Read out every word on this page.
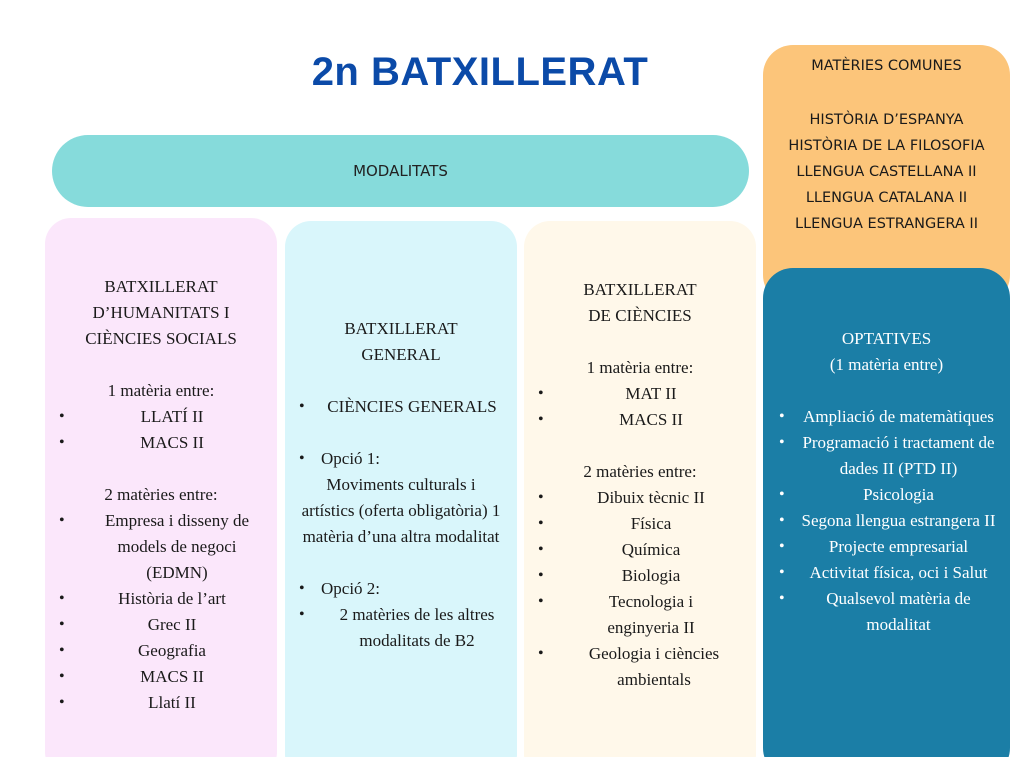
2n BATXILLERAT
MODALITATS
BATXILLERAT
D’HUMANITATS I
CIÈNCIES SOCIALS
1 matèria entre:
• LLATÍ II
• MACS II
2 matèries entre:
• Empresa i disseny de models de negoci (EDMN)
• Història de l’art
• Grec II
• Geografia
• MACS II
• Llatí II
BATXILLERAT
GENERAL
• CIÈNCIES GENERALS
• Opció 1:
Moviments culturals i artístics (oferta obligatòria) 1 matèria d’una altra modalitat
• Opció 2:
• 2 matèries de les altres modalitats de B2
BATXILLERAT
DE CIÈNCIES
1 matèria entre:
• MAT II
• MACS II
2 matèries entre:
• Dibuix tècnic II
• Física
• Química
• Biologia
• Tecnologia i enginyeria II
• Geologia i ciències ambientals
MATÈRIES COMUNES
HISTÒRIA D’ESPANYA
HISTÒRIA DE LA FILOSOFIA
LLENGUA CASTELLANA II
LLENGUA CATALANA II
LLENGUA ESTRANGERA II
OPTATIVES
(1 matèria entre)
• Ampliació de matemàtiques
• Programació i tractament de dades II (PTD II)
• Psicologia
• Segona llengua estrangera II
• Projecte empresarial
• Activitat física, oci i Salut
• Qualsevol matèria de modalitat
